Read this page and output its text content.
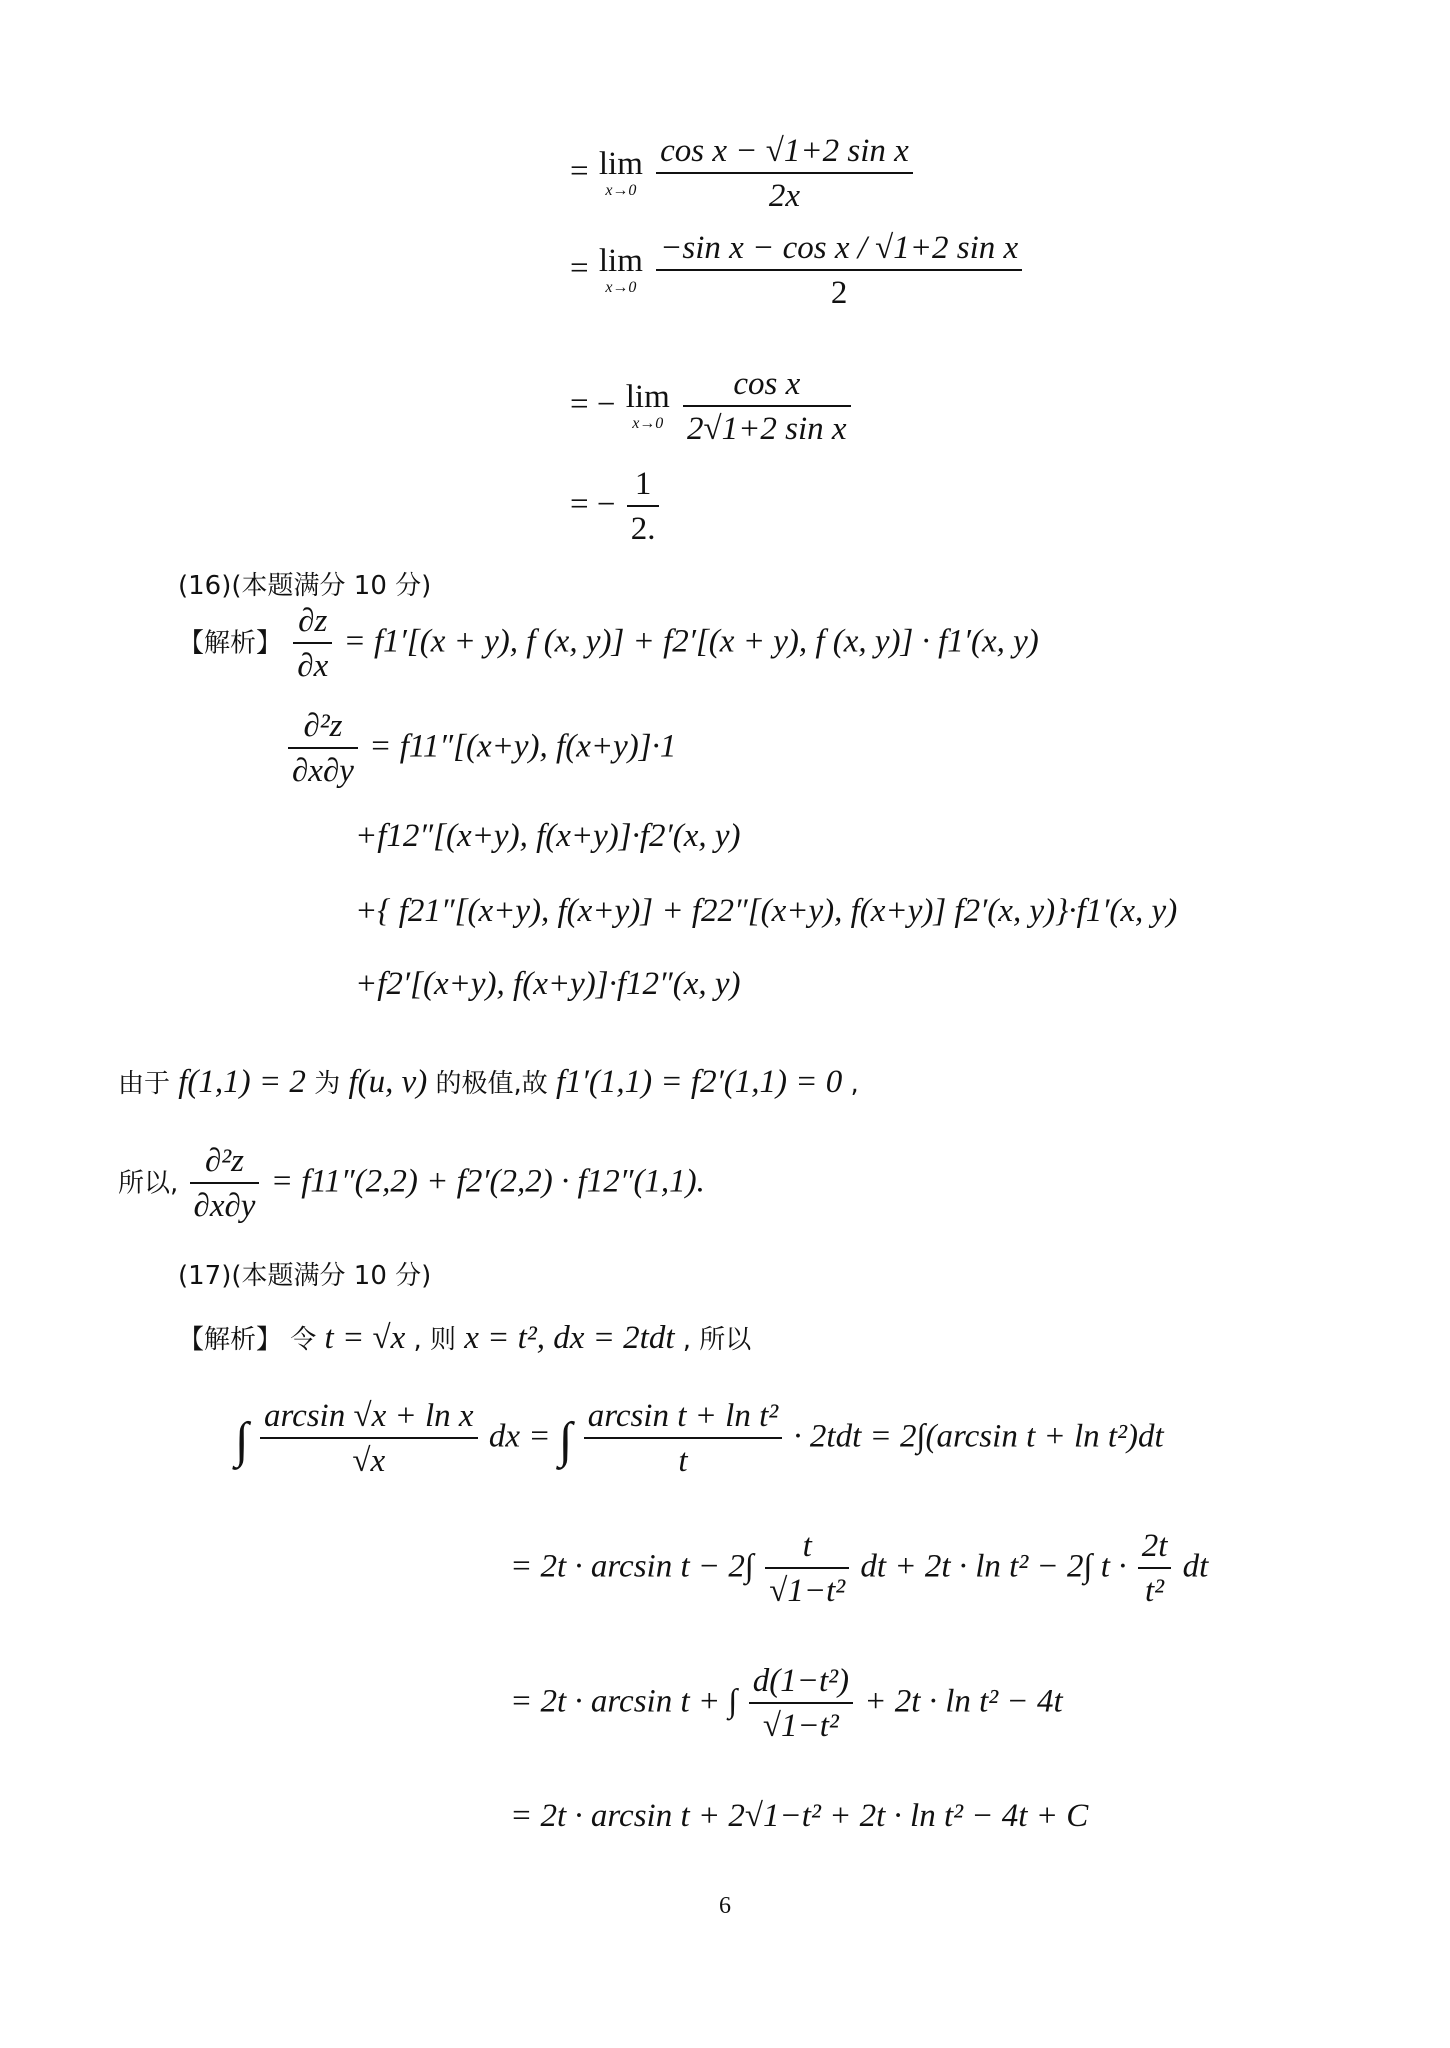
= lim
x→0
$\frac{\text{cos x − √1+2 sin x}}{2x}$
= lim
x→0
$\frac{\text{−sin x − cos x / √1+2 sin x}}{2}$
= − lim
x→0
$\frac{\text{cos x}}{\text{2√1+2 sin x}}$
= − $\frac{1}{2.}$
(16)(本题满分 10 分)
【解析】 $\frac{\partial z}{\partial x} = f1'[(x + y)$, f (x, y)] + f2′[(x + y), f (x, y)] · f1′(x, y)
$\frac{\text{∂²z}}{\partial x\partial y} = f11''[(x+y)$, f(x+y)]·1
+f12″[(x+y), f(x+y)]·f2′(x, y)
+{ f21″[(x+y), f(x+y)] + f22″[(x+y), f(x+y)] f2′(x, y)}·f1′(x, y)
+f2′[(x+y), f(x+y)]·f12″(x, y)
由于 f(1,1) = 2 为 f(u, v) 的极值,故 f1′(1,1) = f2′(1,1) = 0 ,
所以, $\frac{\text{∂²z}}{\partial x\partial y} = f11''(2,2) + f2'(2,2) \cdot f12''(1,1)$.
(17)(本题满分 10 分)
【解析】 令 t = √x , 则 x = t², dx = 2tdt , 所以
∫ $\frac{\text{arcsin √x + ln x}}{√x}$ dx = ∫ $\frac{\text{arcsin t + ln t²}}{t} \cdot 2tdt = 2\int(\arcsin$ t + ln t²)dt
= $2t \cdot \arcsin t - 2\int \frac{t}{\text{√1−t²}}$ dt + 2t · ln t² − 2∫ $t \cdot \frac{2t}{\text{t²}}$ dt
= 2t · arcsin t + ∫ $\frac{\text{d(1−t²)}}{\text{√1−t²}} + 2t \cdot \ln t^2 - 4t$
= 2t · arcsin t + 2√1−t² + 2t · ln t² − 4t + C
6
